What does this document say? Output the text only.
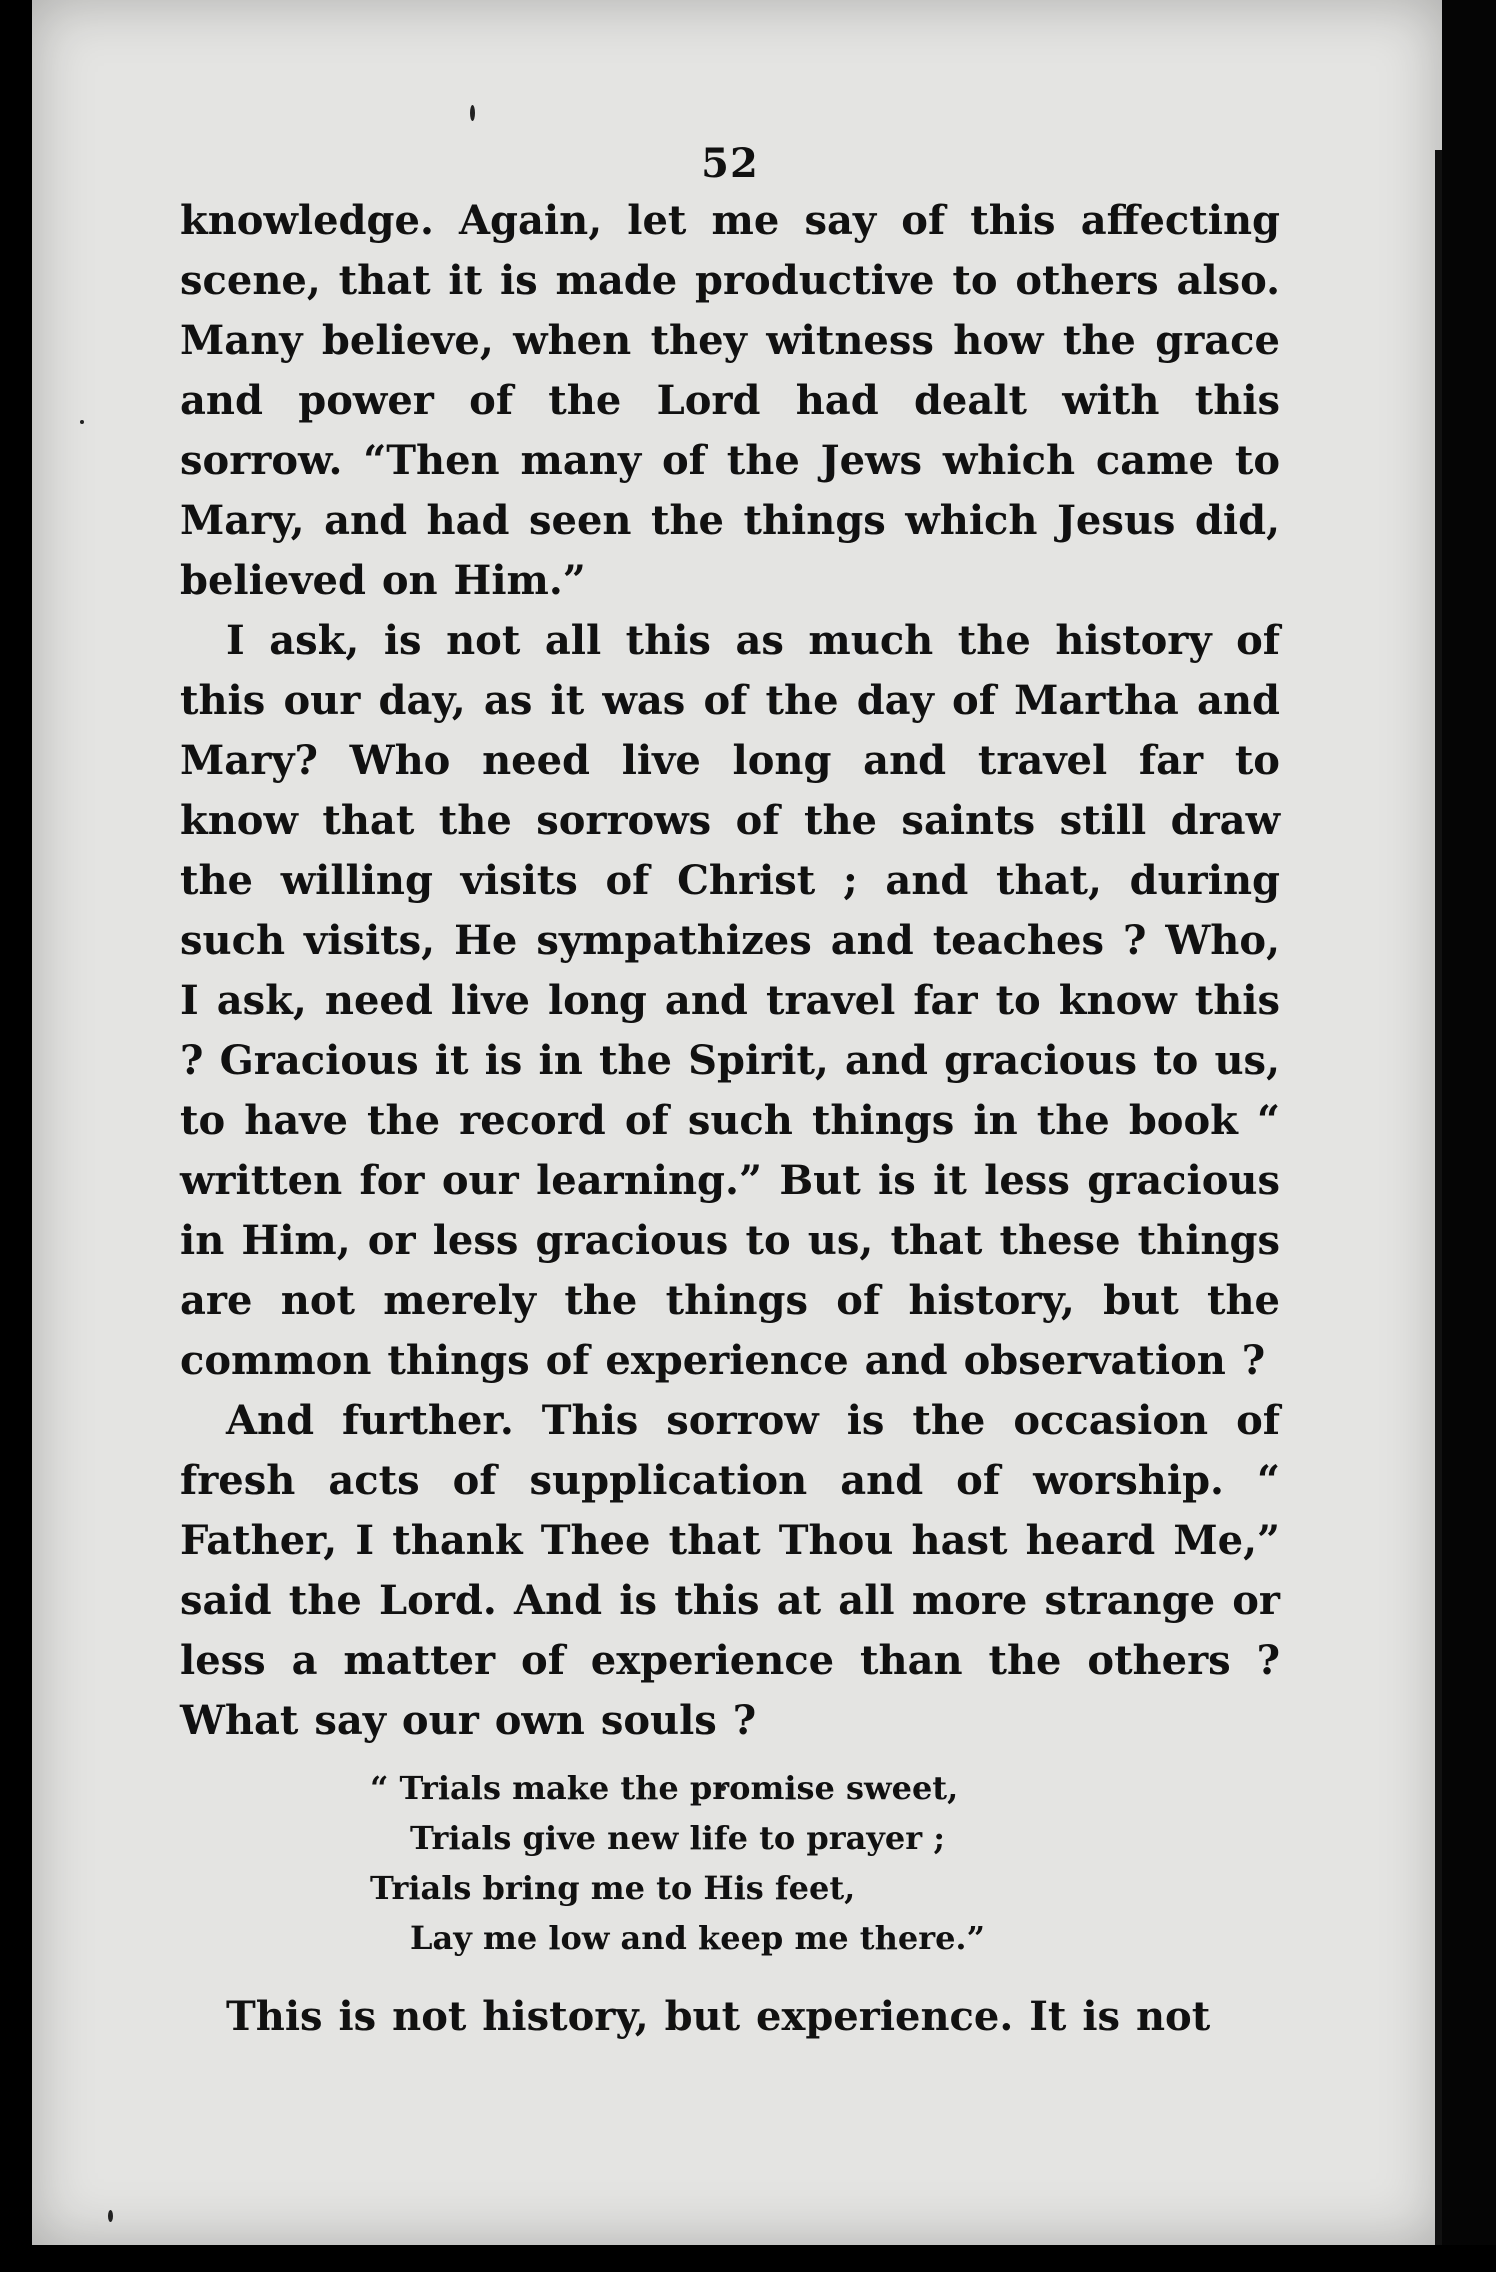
52

knowledge. Again, let me say of this affecting scene, that it is made productive to others also. Many believe, when they witness how the grace and power of the Lord had dealt with this sorrow. “Then many of the Jews which came to Mary, and had seen the things which Jesus did, believed on Him.”

I ask, is not all this as much the history of this our day, as it was of the day of Martha and Mary? Who need live long and travel far to know that the sorrows of the saints still draw the willing visits of Christ ; and that, during such visits, He sympathizes and teaches ? Who, I ask, need live long and travel far to know this ? Gracious it is in the Spirit, and gracious to us, to have the record of such things in the book “ written for our learning.” But is it less gracious in Him, or less gracious to us, that these things are not merely the things of history, but the common things of experience and observation ?

And further. This sorrow is the occasion of fresh acts of supplication and of worship. “ Father, I thank Thee that Thou hast heard Me,” said the Lord. And is this at all more strange or less a matter of experience than the others ? What say our own souls ?

“ Trials make the promise sweet,
Trials give new life to prayer ;
Trials bring me to His feet,
Lay me low and keep me there.”

This is not history, but experience. It is not
